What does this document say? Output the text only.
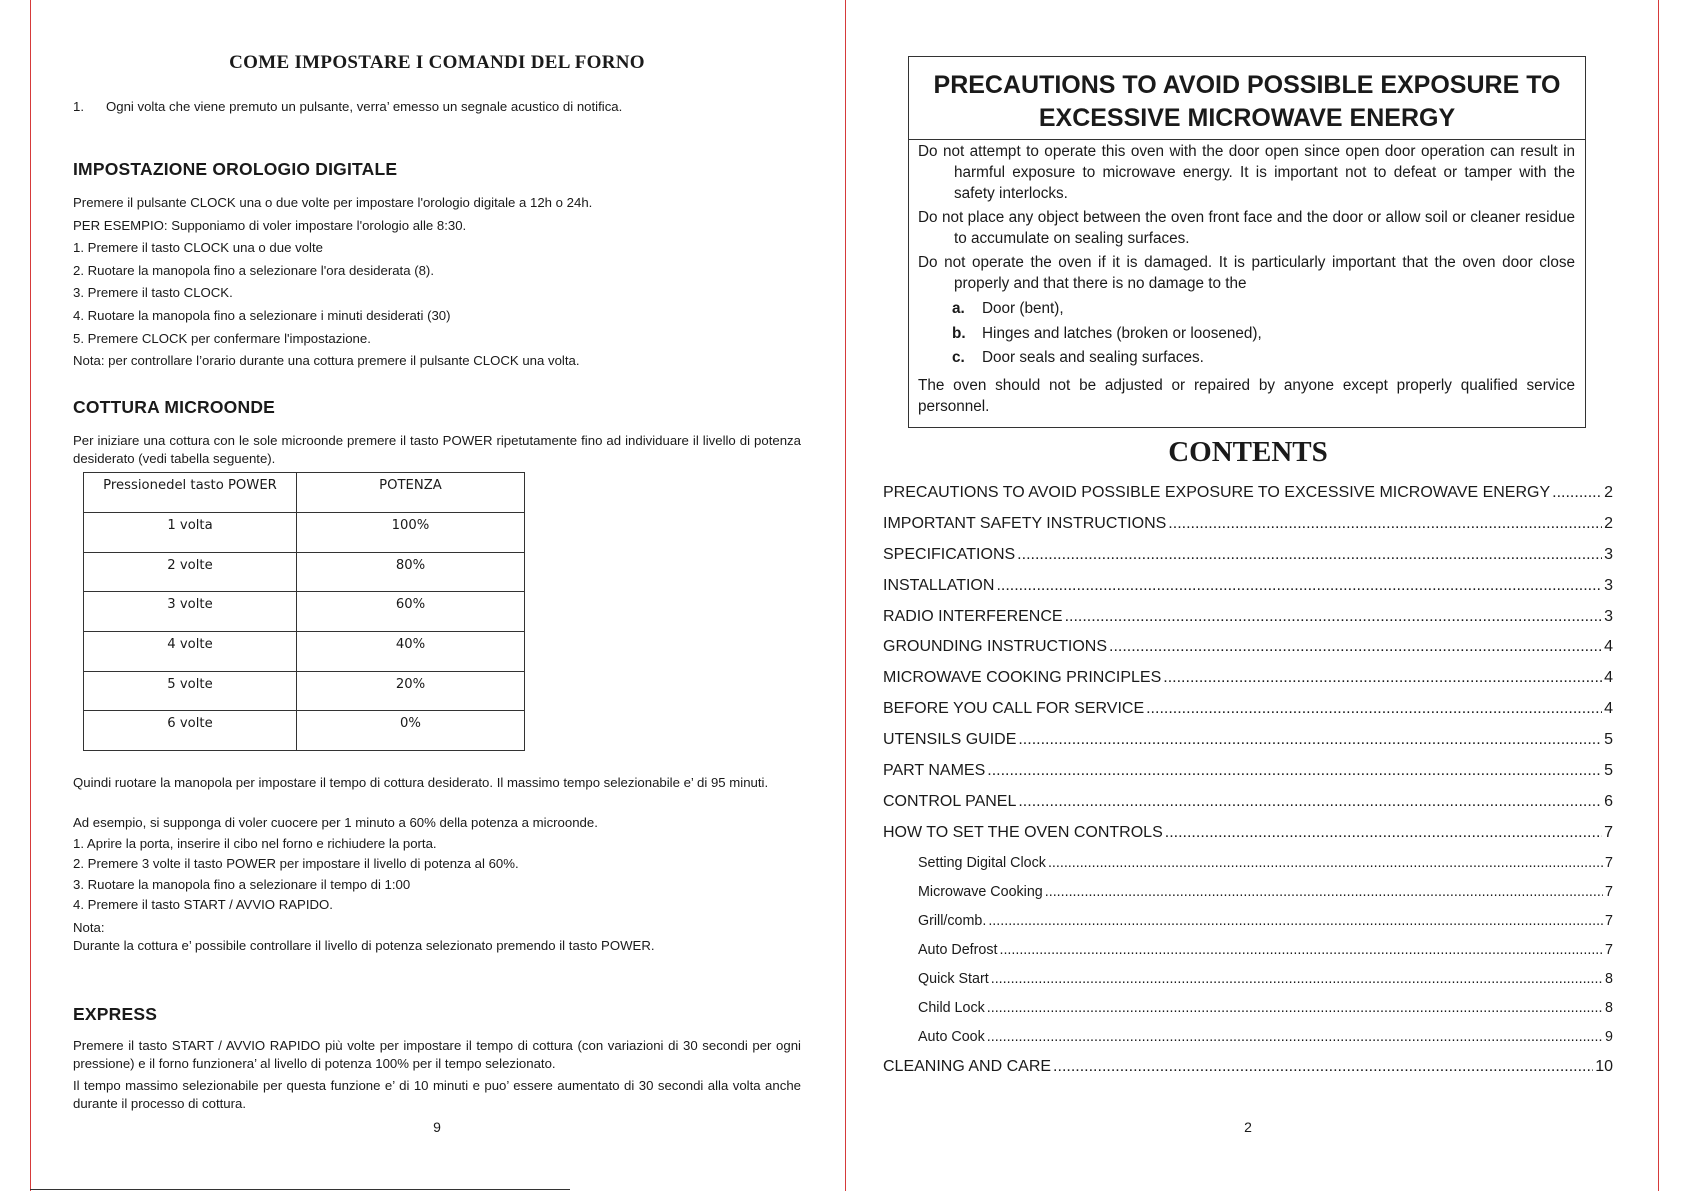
COME IMPOSTARE I COMANDI DEL FORNO
1.      Ogni volta che viene premuto un pulsante, verra’ emesso un segnale acustico di notifica.
IMPOSTAZIONE OROLOGIO DIGITALE
Premere il pulsante CLOCK una o due volte per impostare l'orologio digitale a 12h o 24h.
PER ESEMPIO: Supponiamo di voler impostare l'orologio alle 8:30.
1. Premere il tasto CLOCK una o due volte
2. Ruotare la manopola fino a selezionare l'ora desiderata (8).
3. Premere il tasto CLOCK.
4. Ruotare la manopola fino a selezionare i minuti desiderati (30)
5. Premere CLOCK per confermare l'impostazione.
Nota: per controllare l’orario durante una cottura premere il pulsante CLOCK una volta.
COTTURA MICROONDE
Per iniziare una cottura con le sole microonde premere il tasto POWER ripetutamente fino ad individuare il livello di potenza desiderato (vedi tabella seguente).
Pressionedel tasto POWER	POTENZA
1 volta	100%
2 volte	80%
3 volte	60%
4 volte	40%
5 volte	20%
6 volte	0%
Quindi ruotare la manopola per impostare il tempo di cottura desiderato. Il massimo tempo selezionabile e’ di 95 minuti.
Ad esempio, si supponga di voler cuocere per 1 minuto a 60% della potenza a microonde.
1. Aprire la porta, inserire il cibo nel forno e richiudere la porta.
2. Premere 3 volte il tasto POWER per impostare il livello di potenza al 60%.
3. Ruotare la manopola fino a selezionare il tempo di 1:00
4. Premere il tasto START / AVVIO RAPIDO.
Nota:
Durante la cottura e’ possibile controllare il livello di potenza selezionato premendo il tasto POWER.
EXPRESS
Premere il tasto START / AVVIO RAPIDO più volte per impostare il tempo di cottura (con variazioni di 30 secondi per ogni pressione) e il forno funzionera’ al livello di potenza 100% per il tempo selezionato.
Il tempo massimo selezionabile per questa funzione e’ di 10 minuti e puo’ essere aumentato di 30 secondi alla volta anche durante il processo di cottura.
9
PRECAUTIONS TO AVOID POSSIBLE EXPOSURE TO
EXCESSIVE MICROWAVE ENERGY

Do not attempt to operate this oven with the door open since open door operation can result in harmful exposure to microwave energy. It is important not to defeat or tamper with the safety interlocks.

Do not place any object between the oven front face and the door or allow soil or cleaner residue to accumulate on sealing surfaces.

Do not operate the oven if it is damaged. It is particularly important that the oven door close properly and that there is no damage to the

a. Door (bent),
b. Hinges and latches (broken or loosened),
c. Door seals and sealing surfaces.

The oven should not be adjusted or repaired by anyone except properly qualified service personnel.

CONTENTS
PRECAUTIONS TO AVOID POSSIBLE EXPOSURE TO EXCESSIVE MICROWAVE ENERGY .....	2
IMPORTANT SAFETY INSTRUCTIONS .....	2
SPECIFICATIONS .....	3
INSTALLATION .....	3
RADIO INTERFERENCE .....	3
GROUNDING INSTRUCTIONS .....	4
MICROWAVE COOKING PRINCIPLES .....	4
BEFORE YOU CALL FOR SERVICE .....	4
UTENSILS GUIDE .....	5
PART NAMES .....	5
CONTROL PANEL .....	6
HOW TO SET THE OVEN CONTROLS .....	7
Setting Digital Clock .....	7
Microwave Cooking .....	7
Grill/comb. .....	7
Auto Defrost .....	7
Quick Start .....	8
Child Lock .....	8
Auto Cook .....	9
CLEANING AND CARE .....	10
2
